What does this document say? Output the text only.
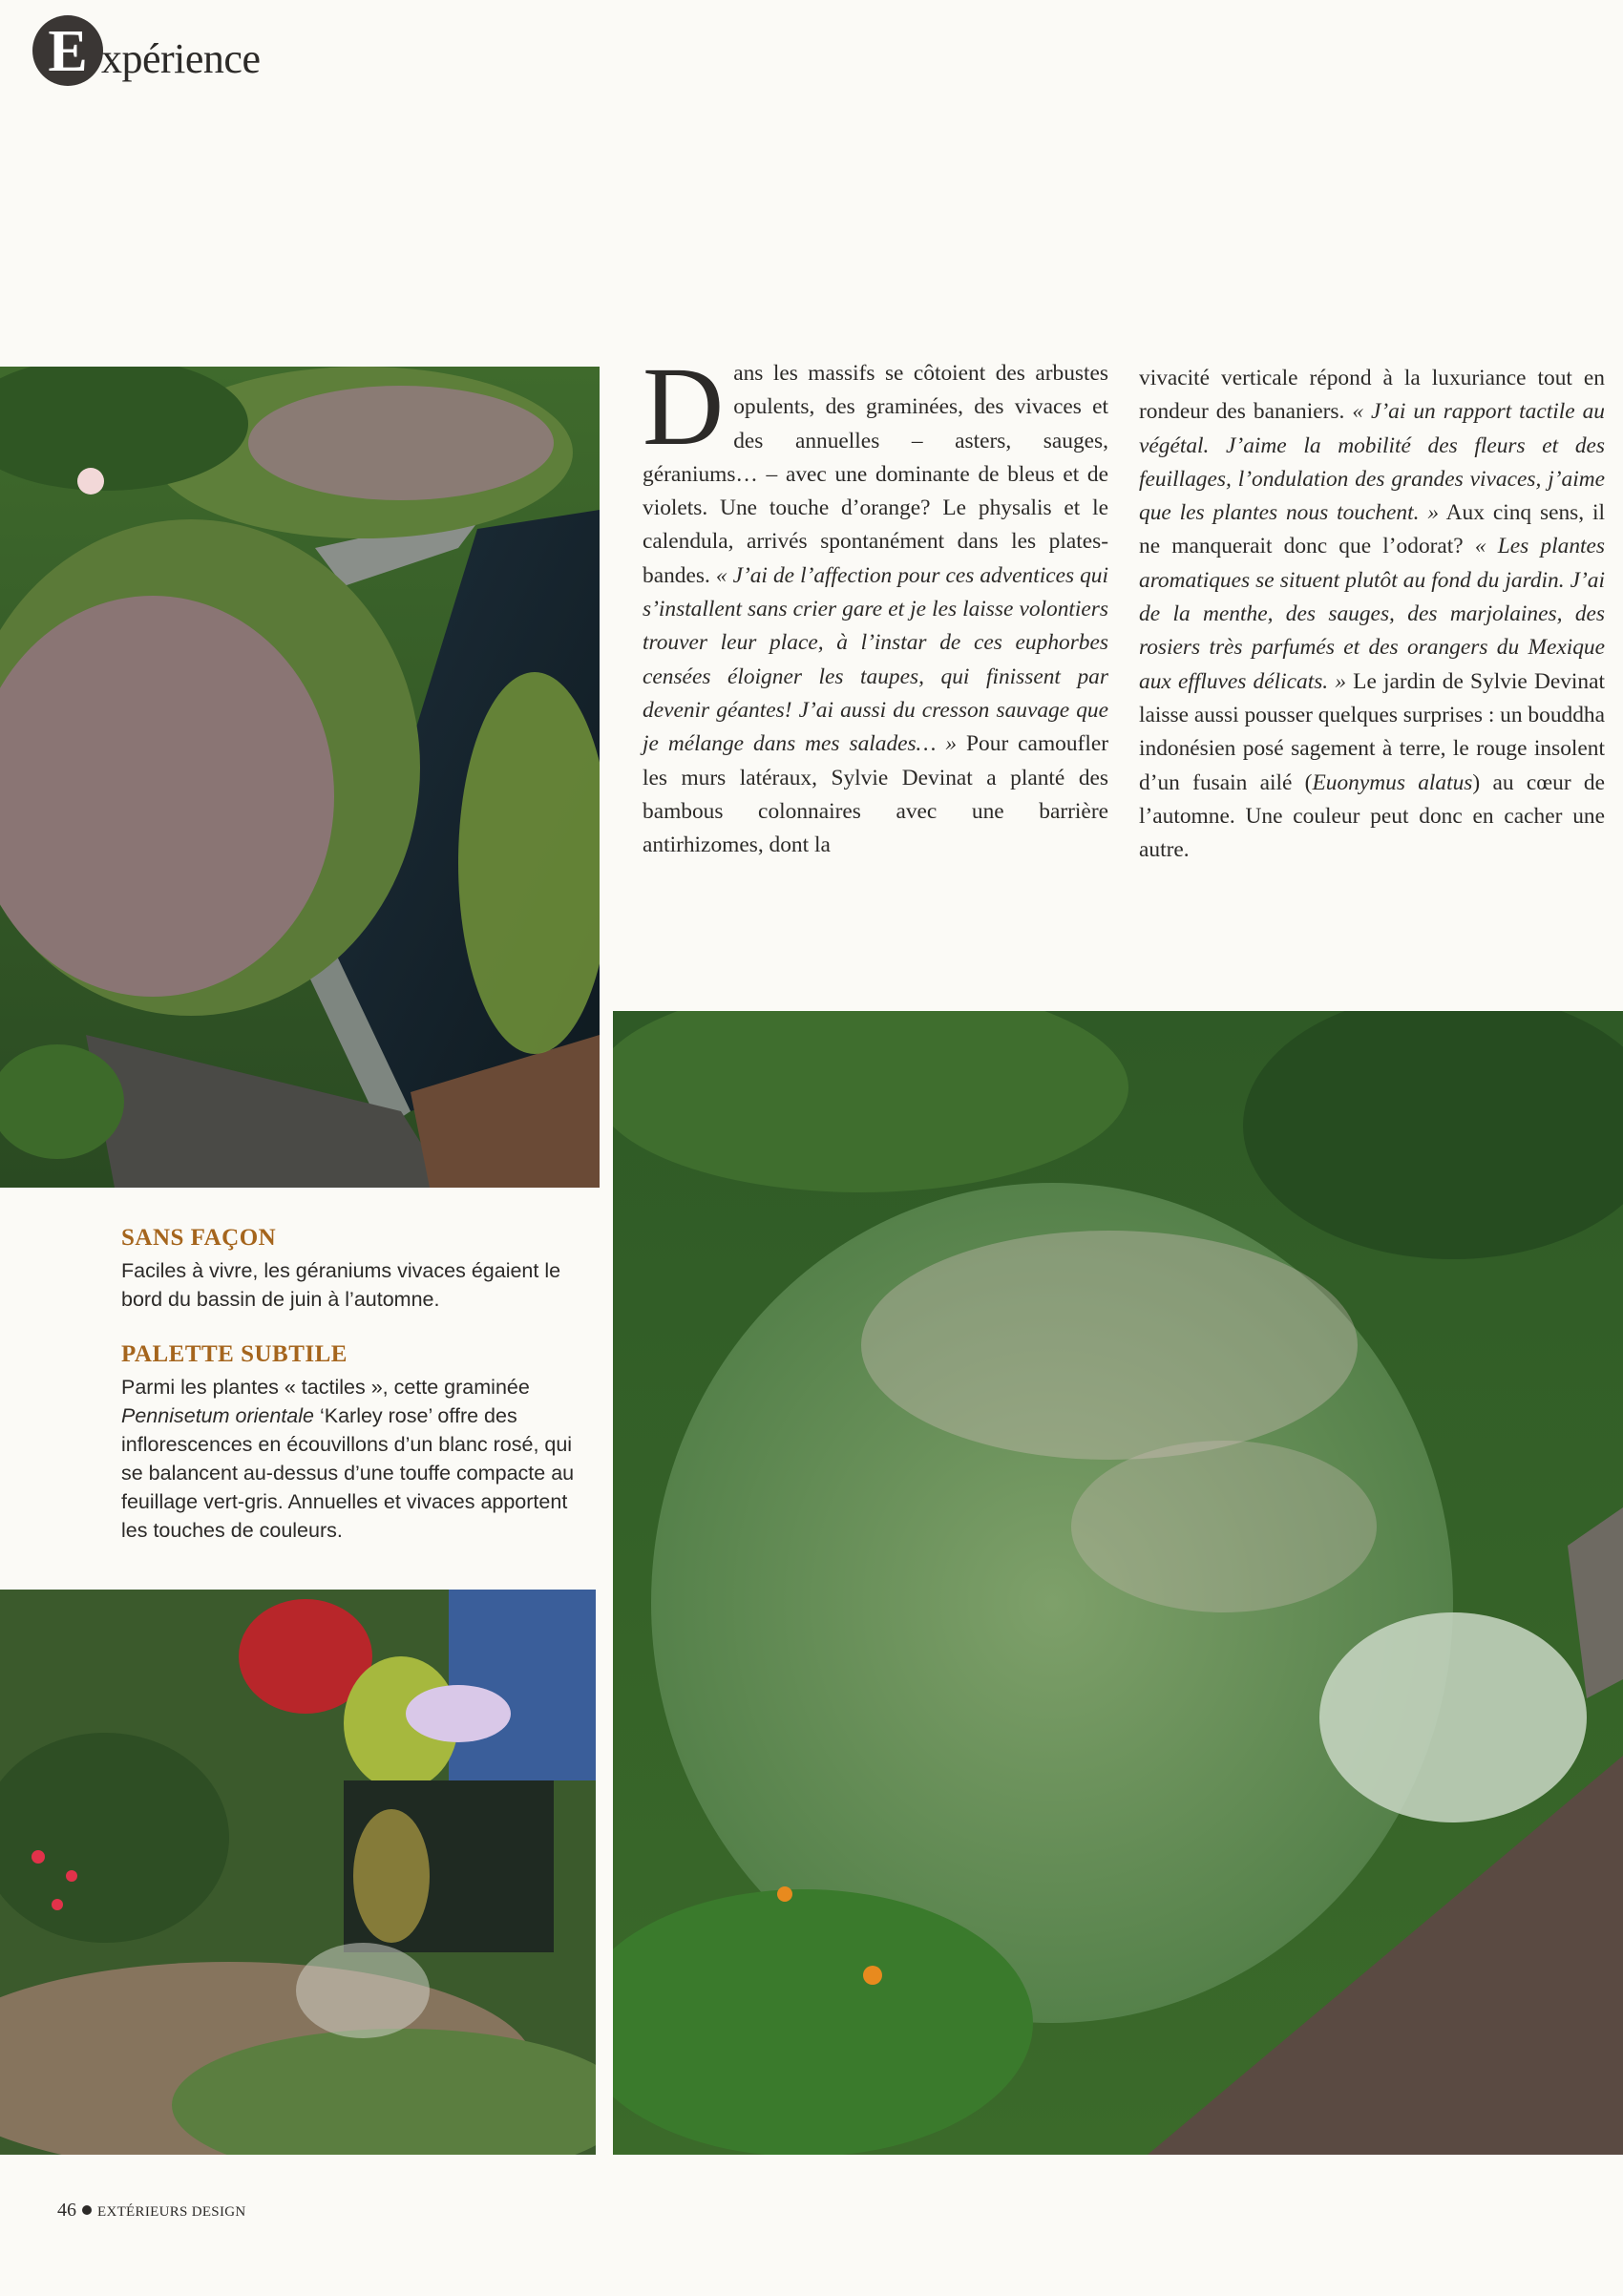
E xpérience

Dans les massifs se côtoient des arbustes opulents, des graminées, des vivaces et des annuelles – asters, sauges, géraniums… – avec une dominante de bleus et de violets. Une touche d’orange? Le physalis et le calendula, arrivés spontanément dans les plates-bandes. « J’ai de l’affection pour ces adventices qui s’installent sans crier gare et je les laisse volontiers trouver leur place, à l’instar de ces euphorbes censées éloigner les taupes, qui finissent par devenir géantes! J’ai aussi du cresson sauvage que je mélange dans mes salades… » Pour camoufler les murs latéraux, Sylvie Devinat a planté des bambous colonnaires avec une barrière antirhizomes, dont la

vivacité verticale répond à la luxuriance tout en rondeur des bananiers. « J’ai un rapport tactile au végétal. J’aime la mobilité des fleurs et des feuillages, l’ondulation des grandes vivaces, j’aime que les plantes nous touchent. » Aux cinq sens, il ne manquerait donc que l’odorat? « Les plantes aromatiques se situent plutôt au fond du jardin. J’ai de la menthe, des sauges, des marjolaines, des rosiers très parfumés et des orangers du Mexique aux effluves délicats. » Le jardin de Sylvie Devinat laisse aussi pousser quelques surprises : un bouddha indonésien posé sagement à terre, le rouge insolent d’un fusain ailé (Euonymus alatus) au cœur de l’automne. Une couleur peut donc en cacher une autre.

SANS FAÇON
Faciles à vivre, les géraniums vivaces égaient le bord du bassin de juin à l’automne.
PALETTE SUBTILE
Parmi les plantes « tactiles », cette graminée Pennisetum orientale ‘Karley rose’ offre des inflorescences en écouvillons d’un blanc rosé, qui se balancent au-dessus d’une touffe compacte au feuillage vert-gris. Annuelles et vivaces apportent les touches de couleurs.
46 EXTÉRIEURS DESIGN
